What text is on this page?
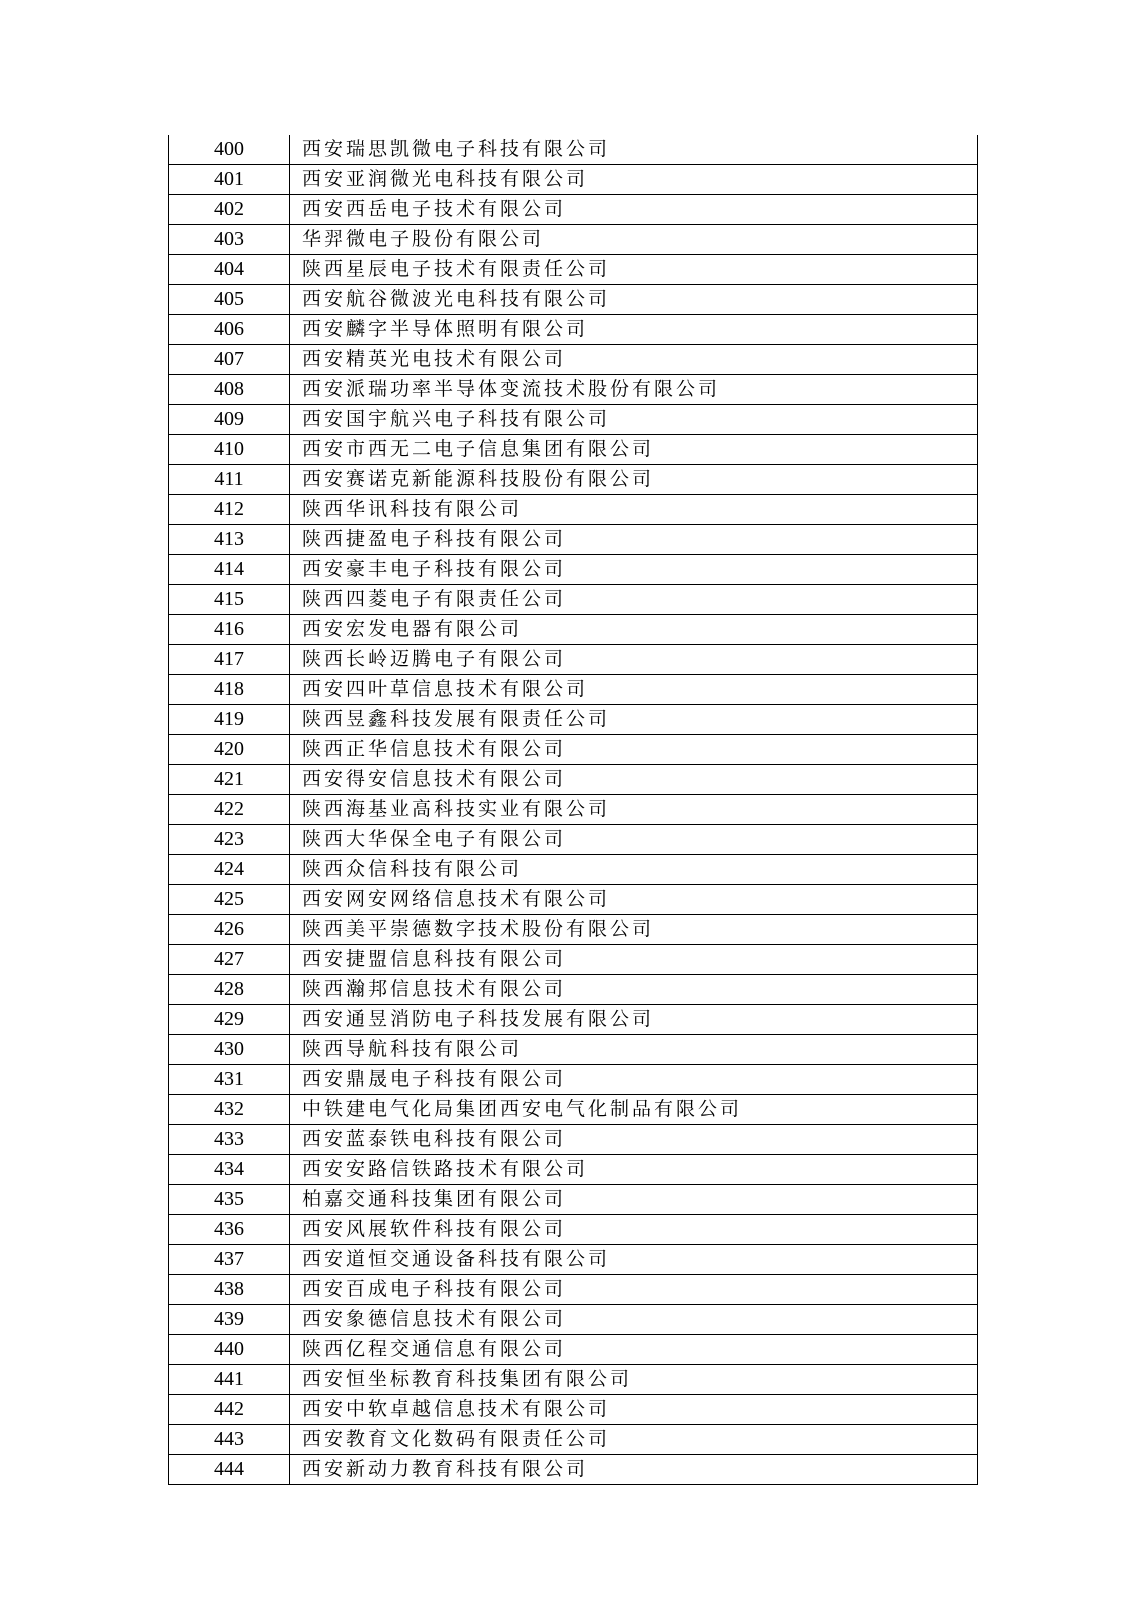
400	西安瑞思凯微电子科技有限公司
401	西安亚润微光电科技有限公司
402	西安西岳电子技术有限公司
403	华羿微电子股份有限公司
404	陕西星辰电子技术有限责任公司
405	西安航谷微波光电科技有限公司
406	西安麟字半导体照明有限公司
407	西安精英光电技术有限公司
408	西安派瑞功率半导体变流技术股份有限公司
409	西安国宇航兴电子科技有限公司
410	西安市西无二电子信息集团有限公司
411	西安赛诺克新能源科技股份有限公司
412	陕西华讯科技有限公司
413	陕西捷盈电子科技有限公司
414	西安豪丰电子科技有限公司
415	陕西四菱电子有限责任公司
416	西安宏发电器有限公司
417	陕西长岭迈腾电子有限公司
418	西安四叶草信息技术有限公司
419	陕西昱鑫科技发展有限责任公司
420	陕西正华信息技术有限公司
421	西安得安信息技术有限公司
422	陕西海基业高科技实业有限公司
423	陕西大华保全电子有限公司
424	陕西众信科技有限公司
425	西安网安网络信息技术有限公司
426	陕西美平崇德数字技术股份有限公司
427	西安捷盟信息科技有限公司
428	陕西瀚邦信息技术有限公司
429	西安通昱消防电子科技发展有限公司
430	陕西导航科技有限公司
431	西安鼎晟电子科技有限公司
432	中铁建电气化局集团西安电气化制品有限公司
433	西安蓝泰铁电科技有限公司
434	西安安路信铁路技术有限公司
435	柏嘉交通科技集团有限公司
436	西安风展软件科技有限公司
437	西安道恒交通设备科技有限公司
438	西安百成电子科技有限公司
439	西安象德信息技术有限公司
440	陕西亿程交通信息有限公司
441	西安恒坐标教育科技集团有限公司
442	西安中软卓越信息技术有限公司
443	西安教育文化数码有限责任公司
444	西安新动力教育科技有限公司
